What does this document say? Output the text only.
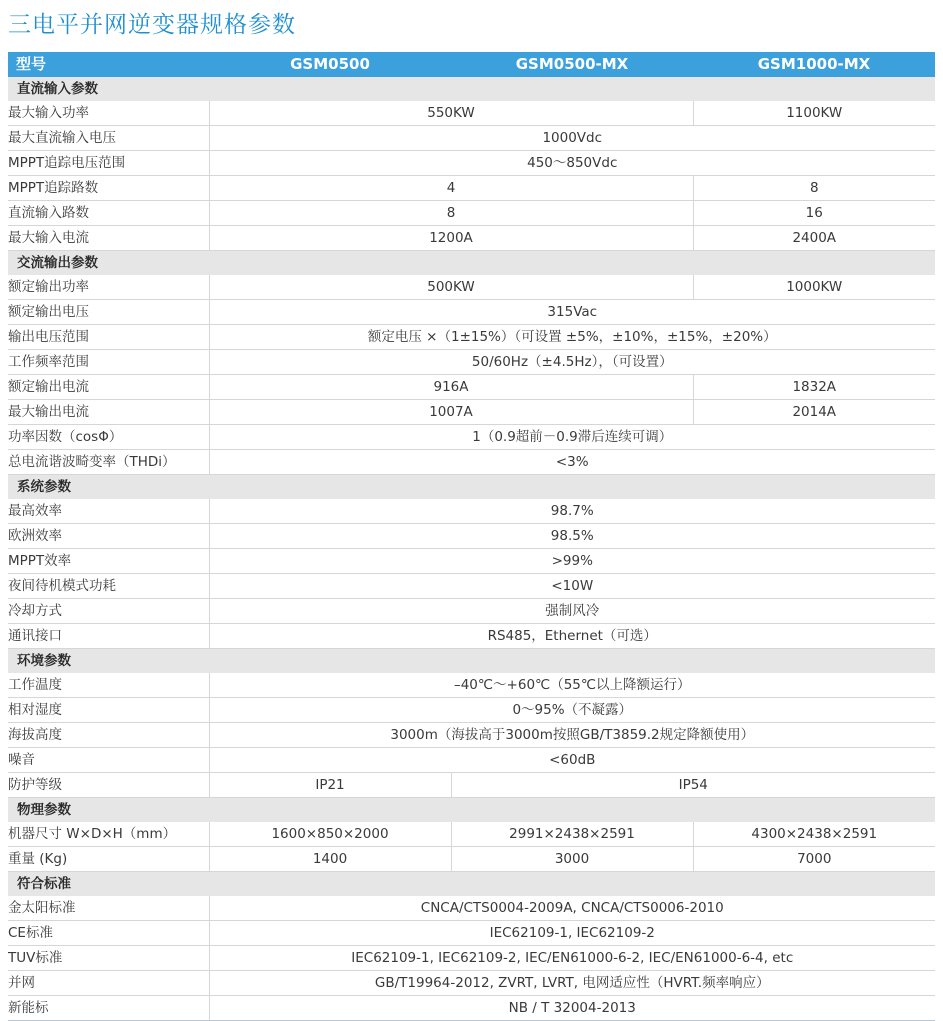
三电平并网逆变器规格参数
型号	GSM0500	GSM0500-MX	GSM1000-MX
直流输入参数			
最大输入功率	550KW		1100KW
最大直流输入电压	1000Vdc		
MPPT追踪电压范围	450～850Vdc		
MPPT追踪路数	4		8
直流输入路数	8		16
最大输入电流	1200A		2400A
交流输出参数			
额定输出功率	500KW		1000KW
额定输出电压	315Vac		
输出电压范围	额定电压 ×（1±15%）（可设置 ±5%，±10%，±15%，±20%）		
工作频率范围	50/60Hz（±4.5Hz），（可设置）		
额定输出电流	916A		1832A
最大输出电流	1007A		2014A
功率因数（cosΦ）	1（0.9超前－0.9滞后连续可调）		
总电流谐波畸变率（THDi）	<3%		
系统参数			
最高效率	98.7%		
欧洲效率	98.5%		
MPPT效率	>99%		
夜间待机模式功耗	<10W		
冷却方式	强制风冷		
通讯接口	RS485，Ethernet（可选）		
环境参数			
工作温度	–40℃～+60℃（55℃以上降额运行）		
相对湿度	0～95%（不凝露）		
海拔高度	3000m（海拔高于3000m按照GB/T3859.2规定降额使用）		
噪音	<60dB		
防护等级	IP21	IP54	
物理参数			
机器尺寸 W×D×H（mm）	1600×850×2000	2991×2438×2591	4300×2438×2591
重量 (Kg)	1400	3000	7000
符合标准			
金太阳标准	CNCA/CTS0004-2009A, CNCA/CTS0006-2010		
CE标准	IEC62109-1, IEC62109-2		
TUV标准	IEC62109-1, IEC62109-2, IEC/EN61000-6-2, IEC/EN61000-6-4, etc		
并网	GB/T19964-2012, ZVRT, LVRT, 电网适应性（HVRT.频率响应）		
新能标	NB / T 32004-2013		
